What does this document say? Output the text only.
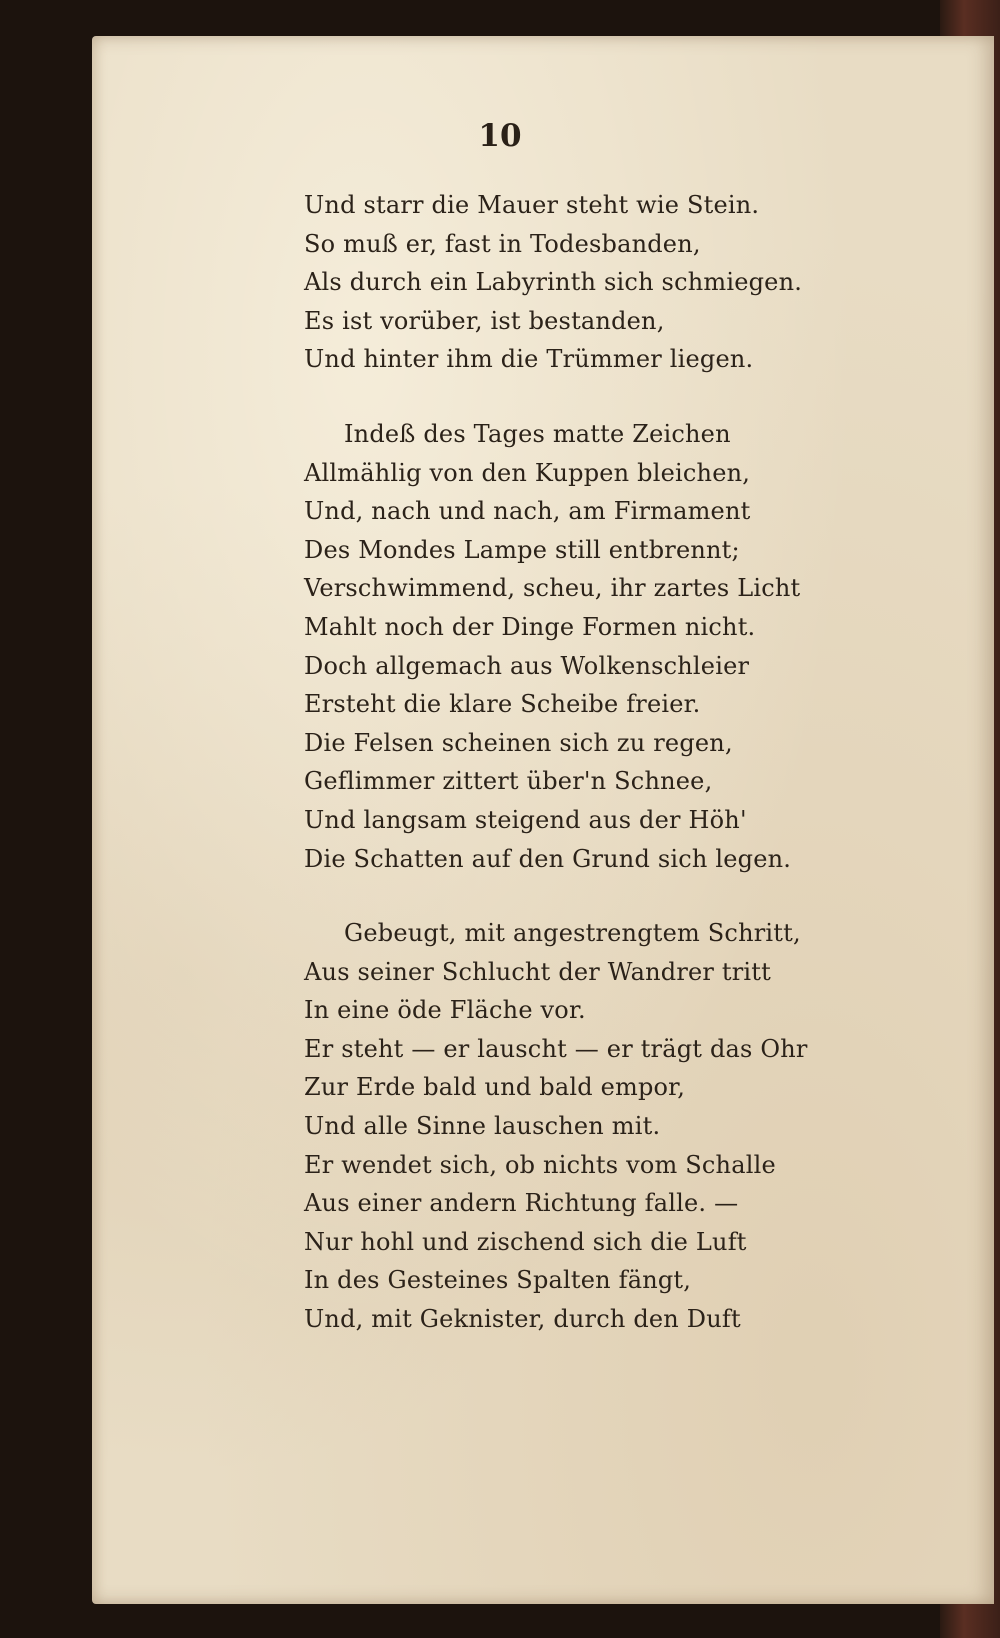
10
Und starr die Mauer steht wie Stein.
So muß er, fast in Todesbanden,
Als durch ein Labyrinth sich schmiegen.
Es ist vorüber, ist bestanden,
Und hinter ihm die Trümmer liegen.
Indeß des Tages matte Zeichen
Allmählig von den Kuppen bleichen,
Und, nach und nach, am Firmament
Des Mondes Lampe still entbrennt;
Verschwimmend, scheu, ihr zartes Licht
Mahlt noch der Dinge Formen nicht.
Doch allgemach aus Wolkenschleier
Ersteht die klare Scheibe freier.
Die Felsen scheinen sich zu regen,
Geflimmer zittert über'n Schnee,
Und langsam steigend aus der Höh'
Die Schatten auf den Grund sich legen.
Gebeugt, mit angestrengtem Schritt,
Aus seiner Schlucht der Wandrer tritt
In eine öde Fläche vor.
Er steht — er lauscht — er trägt das Ohr
Zur Erde bald und bald empor,
Und alle Sinne lauschen mit.
Er wendet sich, ob nichts vom Schalle
Aus einer andern Richtung falle. —
Nur hohl und zischend sich die Luft
In des Gesteines Spalten fängt,
Und, mit Geknister, durch den Duft
